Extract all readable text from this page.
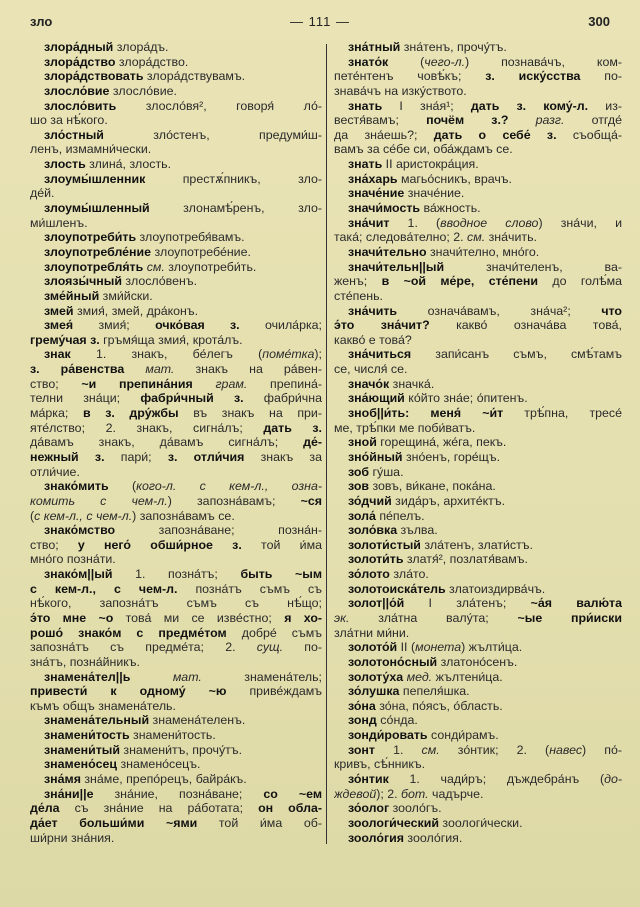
зло	— 111 —	300
злора́дный злора́дъ.
злора́дство злора́дство.
злора́дствовать злора́дствувамъ.
злосло́вие злосло́вие.
злосло́вить злосло́вя², говоря́ ло́-
шо за нѣ́кого.
зло́стный зло́стенъ, предуми́ш-
ленъ, измамни́чески.
злость злина́, злость.
злоумы́шленник престѫ́пникъ, зло-
де́й.
злоумы́шленный злонамѣ́ренъ, зло-
ми́шленъ.
злоупотреби́ть злоупотребя́вамъ.
злоупотребле́ние злоупотребе́ние.
злоупотребля́ть см. злоупотреби́ть.
злоязы́чный злосло́венъ.
зме́йный зми́йски.
змей змия́, змей, дра́конъ.
змея́ змия́; очко́вая з. очила́рка;
грему́чая з. гръмя́ща змия́, крота́лъ.
знак 1. знакъ, бе́легъ (поме́тка);
з. ра́венства мат. знакъ на ра́вен-
ство; ~и препина́ния грам. препина́-
телни зна́ци; фабри́чный з. фабри́чна
ма́рка; в з. дру́жбы въ знакъ на при-
яте́лство; 2. знакъ, сигна́лъ; дать з.
да́вамъ знакъ, да́вамъ сигна́лъ; де́-
нежный з. пари́; з. отли́чия знакъ за
отли́чие.
знако́мить (кого-л. с кем-л., озна-
комить с чем-л.) запозна́вамъ; ~ся
(с кем-л., с чем-л.) запозна́вамъ се.
знако́мство запозна́ване; позна́н-
ство; у него́ обши́рное з. той и́ма
мно́го позна́ти.
знако́м||ый 1. позна́тъ; быть ~ым
с кем-л., с чем-л. позна́тъ съмъ съ
нѣ́кого, запозна́тъ съмъ съ нѣ́що;
э́то мне ~о това́ ми се изве́стно; я хо-
рошо́ знако́м с предме́том добре́ съмъ
запозна́тъ съ предме́та; 2. сущ. по-
зна́тъ, позна́йникъ.
знамена́тел||ь мат. знамена́тель;
привести́ к одному́ ~ю приве́ждамъ
къмъ общъ знамена́тель.
знамена́тельный знамена́теленъ.
знамени́тость знамени́тость.
знамени́тый знамени́тъ, прочу́тъ.
знамено́сец знамено́сецъ.
зна́мя зна́ме, препо́рецъ, байра́къ.
зна́ни||е зна́ние, позна́ване; со ~ем
де́ла съ зна́ние на ра́ботата; он обла-
да́ет больши́ми ~ями той и́ма об-
ши́рни зна́ния.
зна́тный зна́тенъ, прочу́тъ.
знато́к (чего-л.) познава́чъ, ком-
пете́нтенъ човѣ́къ; з. иску́сства по-
знава́чъ на изку́ството.
знать I зна́я¹; дать з. кому́-л. из-
вестя́вамъ; почём з.? разг. отгде́
да зна́ешь?; дать о себе́ з. съобща́-
вамъ за се́бе си, оба́ждамъ се.
знать II аристокра́ция.
зна́харь магьо́сникъ, врачъ.
значе́ние значе́ние.
значи́мость ва́жность.
зна́чит 1. (вводное слово) зна́чи, и
така́; следова́телно; 2. см. зна́чить.
значи́тельно значи́телно, мно́го.
значи́тельн||ый значи́теленъ, ва-
женъ; в ~ой ме́ре, сте́пени до голѣ́ма
сте́пень.
зна́чить означа́вамъ, зна́ча²; что
э́то зна́чит? какво́ означа́ва това́,
какво́ е това́?
зна́читься запи́санъ съмъ, смѣ́тамъ
се, числя́ се.
значо́к значка́.
зна́ющий ко́йто зна́е; о́питенъ.
зноб||и́ть: меня́ ~и́т трѣ́пна, тресе́
ме, трѣ́пки ме поби́ватъ.
зной горещина́, же́га, пекъ.
зно́йный зно́енъ, горе́щъ.
зоб гу́ша.
зов зовъ, ви́кане, пока́на.
зо́дчий зида́ръ, архите́ктъ.
зола́ пе́пелъ.
золо́вка зълва.
золоти́стый зла́тенъ, злати́стъ.
золоти́ть златя́², позлатя́вамъ.
зо́лото зла́то.
золотоиска́тель златоиздирва́чъ.
золот||о́й I зла́тенъ; ~а́я валю́та
эк. зла́тна валу́та; ~ые при́иски
зла́тни ми́ни.
золото́й II (монета) жълти́ца.
золотоно́сный златоно́сенъ.
золоту́ха мед. жълтени́ца.
зо́лушка пепеля́шка.
зо́на зо́на, по́ясъ, о́бласть.
зонд со́нда.
зонди́ровать сонди́рамъ.
зонт 1. см. зо́нтик; 2. (навес) по́-
кривъ, сѣ́нникъ.
зо́нтик 1. чади́ръ; дъждебра́нъ (до-
ждевой); 2. бот. чадърче.
зо́олог зооло́гъ.
зоологи́ческий зоологи́чески.
зооло́гия зооло́гия.
